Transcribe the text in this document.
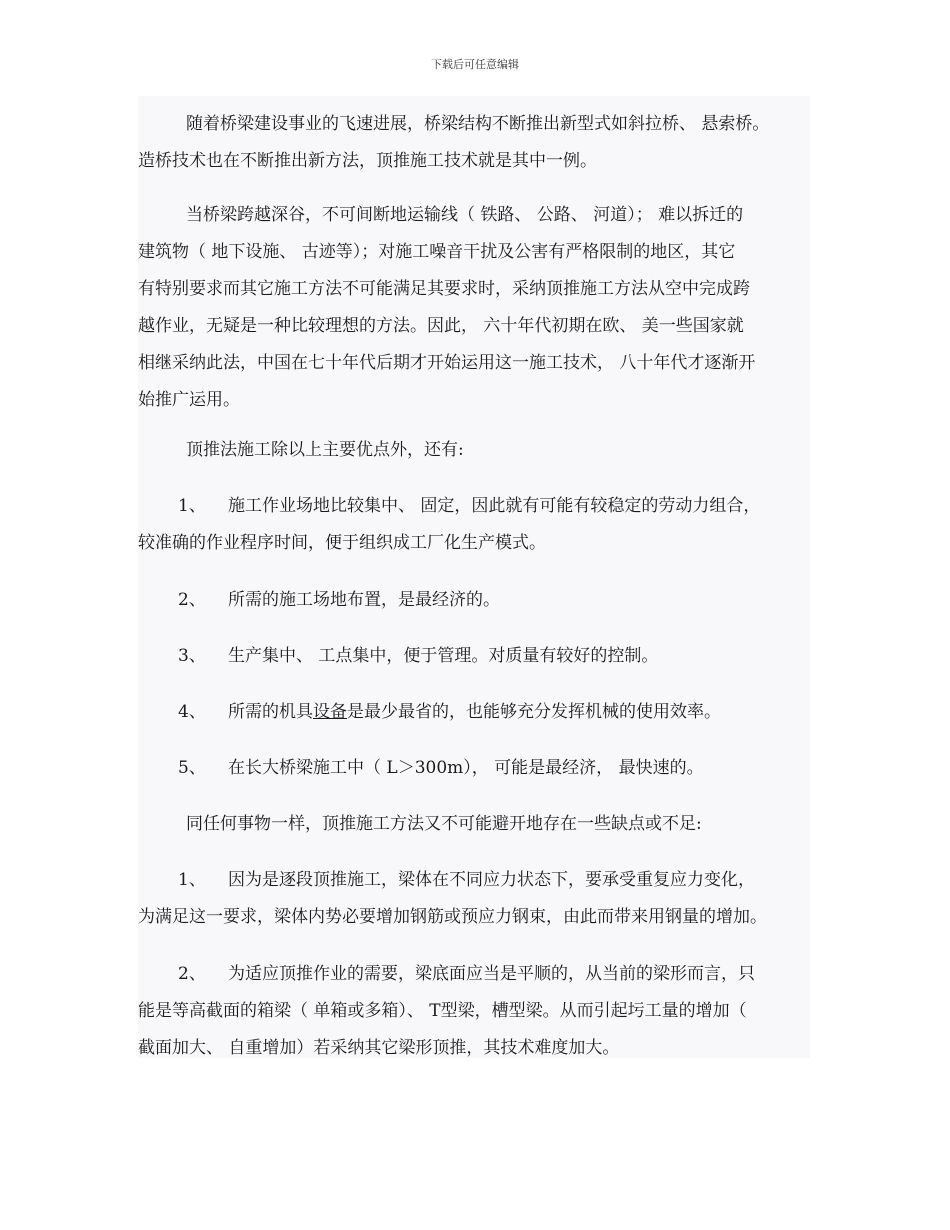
下载后可任意编辑
随着桥梁建设事业的飞速进展，桥梁结构不断推出新型式如斜拉桥、 悬索桥。
造桥技术也在不断推出新方法，顶推施工技术就是其中一例。
当桥梁跨越深谷，不可间断地运输线（ 铁路、 公路、 河道）； 难以拆迁的
建筑物（ 地下设施、 古迹等）；对施工噪音干扰及公害有严格限制的地区，其它
有特别要求而其它施工方法不可能满足其要求时，采纳顶推施工方法从空中完成跨
越作业，无疑是一种比较理想的方法。因此， 六十年代初期在欧、 美一些国家就
相继采纳此法，中国在七十年代后期才开始运用这一施工技术， 八十年代才逐渐开
始推广运用。
顶推法施工除以上主要优点外，还有:
1、 施工作业场地比较集中、 固定，因此就有可能有较稳定的劳动力组合，
较准确的作业程序时间，便于组织成工厂化生产模式。
2、 所需的施工场地布置，是最经济的。
3、 生产集中、 工点集中，便于管理。对质量有较好的控制。
4、 所需的机具设备是最少最省的，也能够充分发挥机械的使用效率。
5、 在长大桥梁施工中（ L＞300m）， 可能是最经济， 最快速的。
同任何事物一样，顶推施工方法又不可能避开地存在一些缺点或不足:
1、 因为是逐段顶推施工，梁体在不同应力状态下，要承受重复应力变化，
为满足这一要求，梁体内势必要增加钢筋或预应力钢束，由此而带来用钢量的增加。
2、 为适应顶推作业的需要，梁底面应当是平顺的，从当前的梁形而言，只
能是等高截面的箱梁（ 单箱或多箱）、 T型梁，槽型梁。从而引起圬工量的增加（
截面加大、 自重增加）若采纳其它梁形顶推，其技术难度加大。
